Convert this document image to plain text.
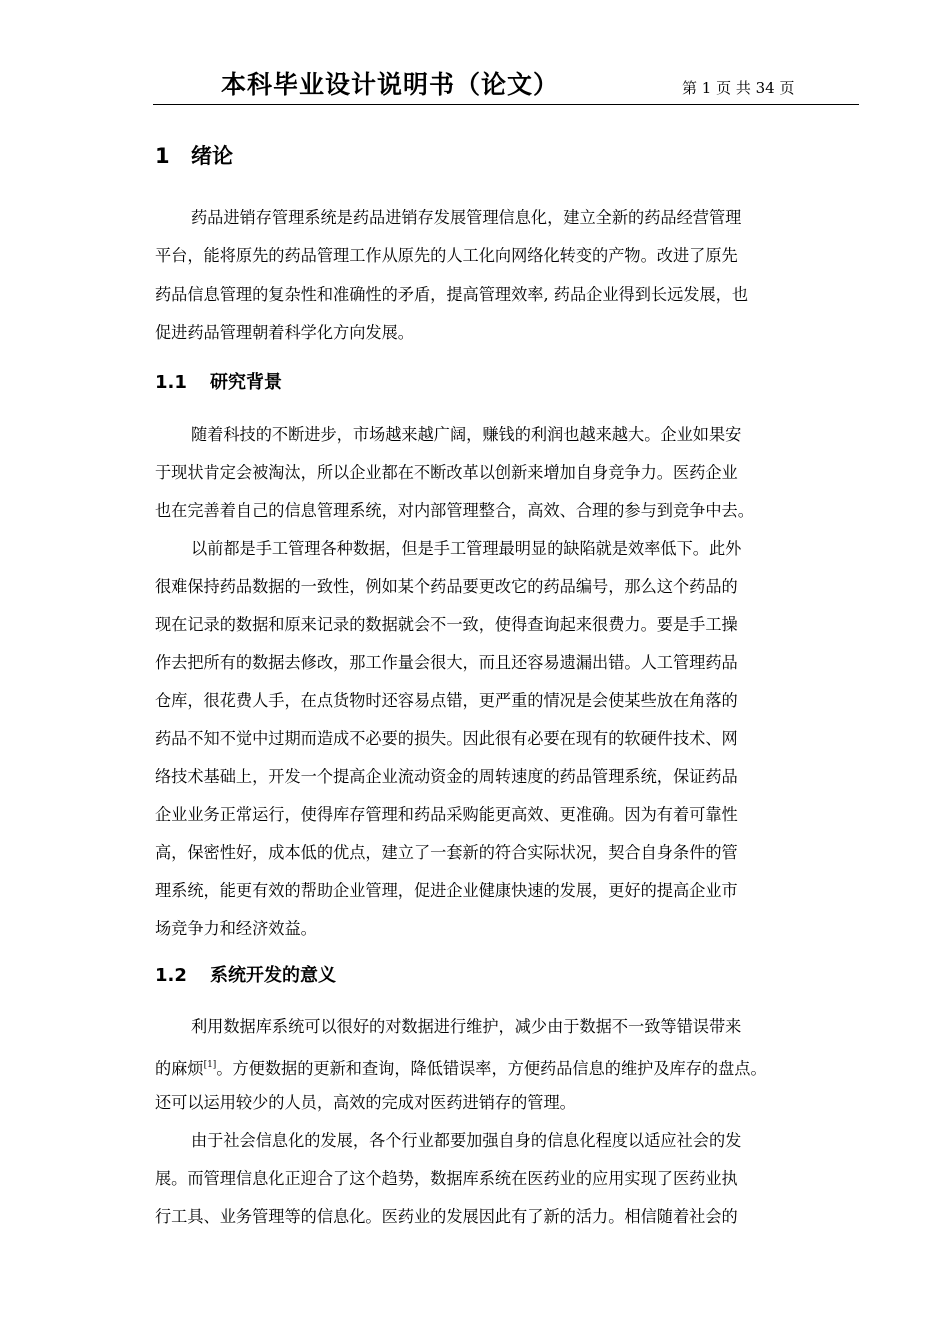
本科毕业设计说明书（论文）	第 1 页 共 34 页
1 绪论
药品进销存管理系统是药品进销存发展管理信息化，建立全新的药品经营管理
平台，能将原先的药品管理工作从原先的人工化向网络化转变的产物。改进了原先
药品信息管理的复杂性和准确性的矛盾，提高管理效率, 药品企业得到长远发展，也
促进药品管理朝着科学化方向发展。
1.1 研究背景
随着科技的不断进步，市场越来越广阔，赚钱的利润也越来越大。企业如果安
于现状肯定会被淘汰，所以企业都在不断改革以创新来增加自身竞争力。医药企业
也在完善着自己的信息管理系统，对内部管理整合，高效、合理的参与到竞争中去。
以前都是手工管理各种数据，但是手工管理最明显的缺陷就是效率低下。此外
很难保持药品数据的一致性，例如某个药品要更改它的药品编号，那么这个药品的
现在记录的数据和原来记录的数据就会不一致，使得查询起来很费力。要是手工操
作去把所有的数据去修改，那工作量会很大，而且还容易遗漏出错。人工管理药品
仓库，很花费人手，在点货物时还容易点错，更严重的情况是会使某些放在角落的
药品不知不觉中过期而造成不必要的损失。因此很有必要在现有的软硬件技术、网
络技术基础上，开发一个提高企业流动资金的周转速度的药品管理系统，保证药品
企业业务正常运行，使得库存管理和药品采购能更高效、更准确。因为有着可靠性
高，保密性好，成本低的优点，建立了一套新的符合实际状况，契合自身条件的管
理系统，能更有效的帮助企业管理，促进企业健康快速的发展，更好的提高企业市
场竞争力和经济效益。
1.2 系统开发的意义
利用数据库系统可以很好的对数据进行维护，减少由于数据不一致等错误带来
的麻烦[1]。方便数据的更新和查询，降低错误率，方便药品信息的维护及库存的盘点。
还可以运用较少的人员，高效的完成对医药进销存的管理。
由于社会信息化的发展，各个行业都要加强自身的信息化程度以适应社会的发
展。而管理信息化正迎合了这个趋势，数据库系统在医药业的应用实现了医药业执
行工具、业务管理等的信息化。医药业的发展因此有了新的活力。相信随着社会的
